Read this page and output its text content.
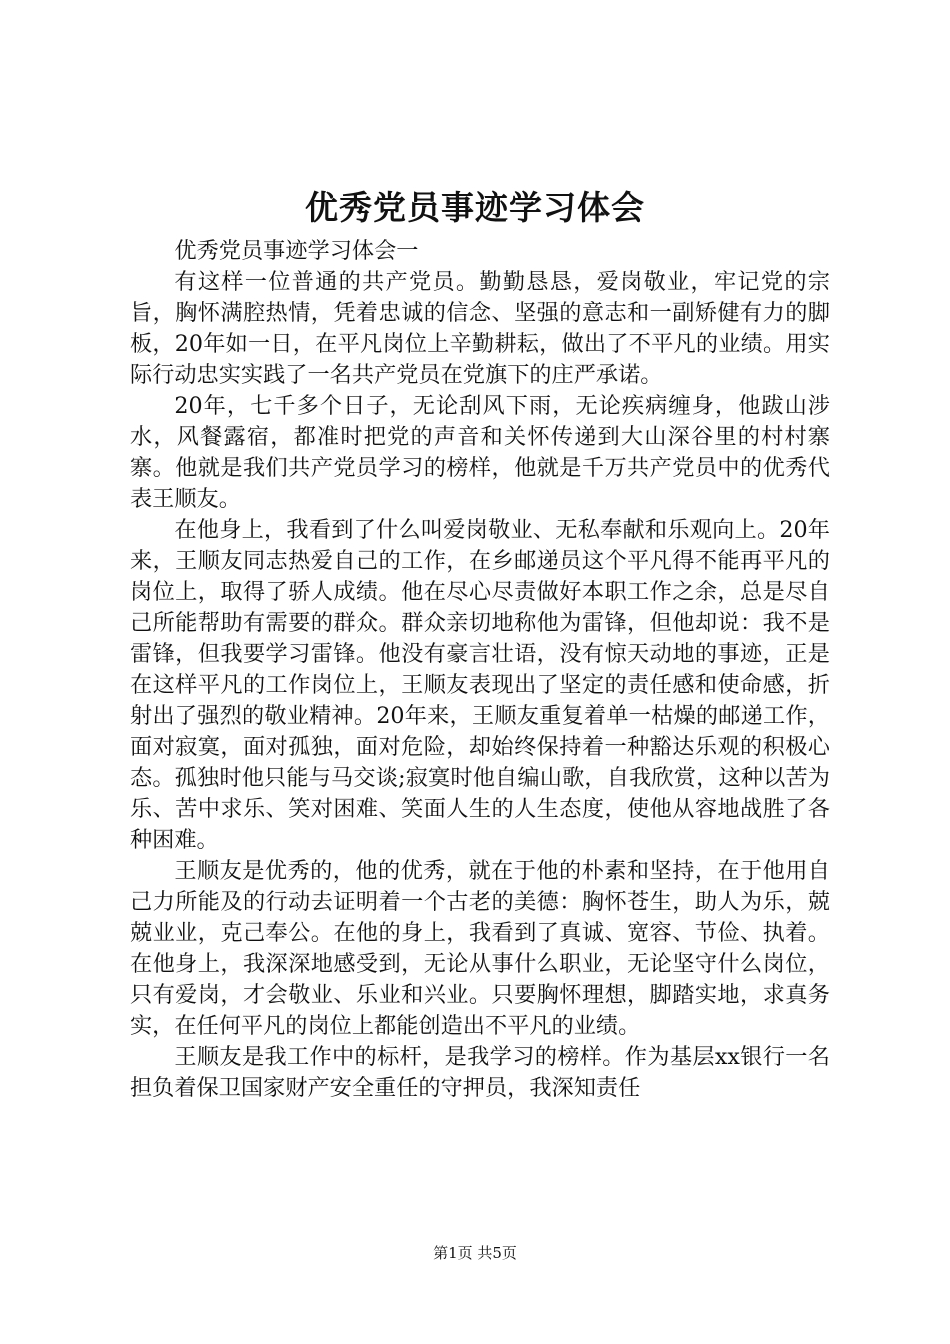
优秀党员事迹学习体会

优秀党员事迹学习体会一

有这样一位普通的共产党员。勤勤恳恳，爱岗敬业，牢记党的宗旨，胸怀满腔热情，凭着忠诚的信念、坚强的意志和一副矫健有力的脚板，20年如一日，在平凡岗位上辛勤耕耘，做出了不平凡的业绩。用实际行动忠实实践了一名共产党员在党旗下的庄严承诺。

20年，七千多个日子，无论刮风下雨，无论疾病缠身，他跋山涉水，风餐露宿，都准时把党的声音和关怀传递到大山深谷里的村村寨寨。他就是我们共产党员学习的榜样，他就是千万共产党员中的优秀代表王顺友。

在他身上，我看到了什么叫爱岗敬业、无私奉献和乐观向上。20年来，王顺友同志热爱自己的工作，在乡邮递员这个平凡得不能再平凡的岗位上，取得了骄人成绩。他在尽心尽责做好本职工作之余，总是尽自己所能帮助有需要的群众。群众亲切地称他为雷锋，但他却说：我不是雷锋，但我要学习雷锋。他没有豪言壮语，没有惊天动地的事迹，正是在这样平凡的工作岗位上，王顺友表现出了坚定的责任感和使命感，折射出了强烈的敬业精神。20年来，王顺友重复着单一枯燥的邮递工作，面对寂寞，面对孤独，面对危险，却始终保持着一种豁达乐观的积极心态。孤独时他只能与马交谈;寂寞时他自编山歌，自我欣赏，这种以苦为乐、苦中求乐、笑对困难、笑面人生的人生态度，使他从容地战胜了各种困难。

王顺友是优秀的，他的优秀，就在于他的朴素和坚持，在于他用自己力所能及的行动去证明着一个古老的美德：胸怀苍生，助人为乐，兢兢业业，克己奉公。在他的身上，我看到了真诚、宽容、节俭、执着。在他身上，我深深地感受到，无论从事什么职业，无论坚守什么岗位，只有爱岗，才会敬业、乐业和兴业。只要胸怀理想，脚踏实地，求真务实，在任何平凡的岗位上都能创造出不平凡的业绩。

王顺友是我工作中的标杆，是我学习的榜样。作为基层xx银行一名担负着保卫国家财产安全重任的守押员，我深知责任

第1页 共5页
